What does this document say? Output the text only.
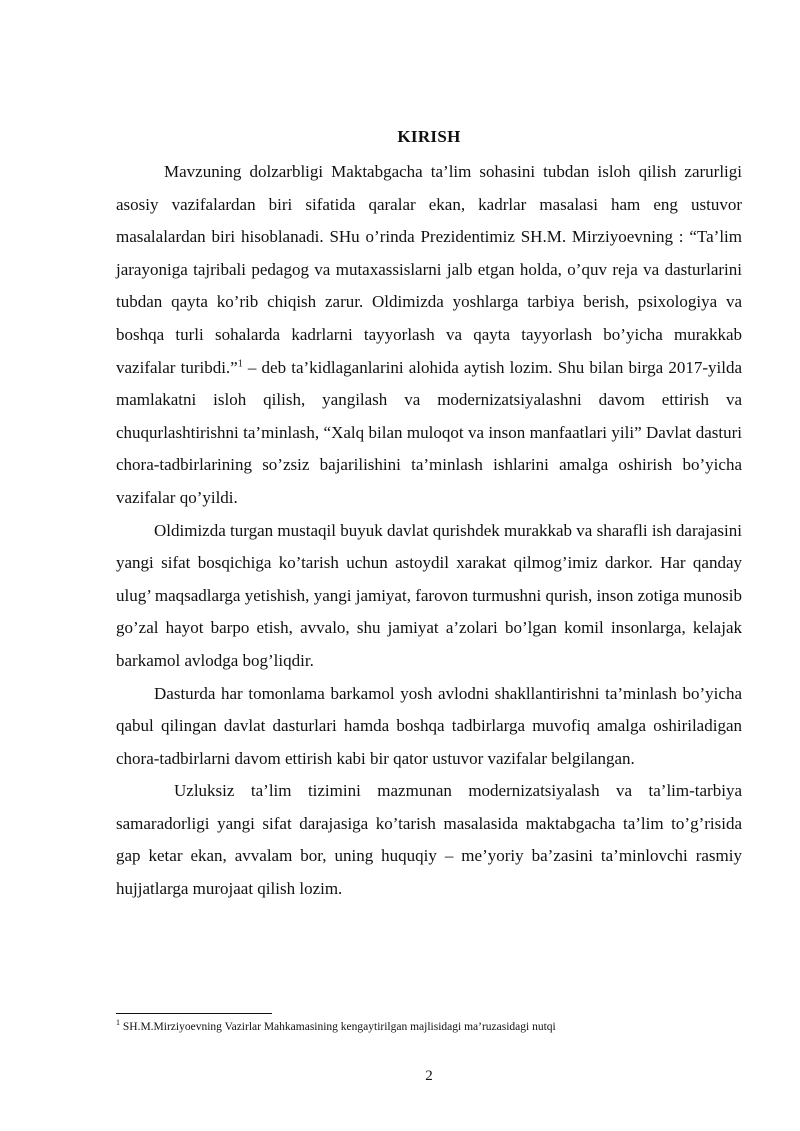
KIRISH

Mavzuning dolzarbligi Maktabgacha ta’lim sohasini tubdan isloh qilish zarurligi asosiy vazifalardan biri sifatida qaralar ekan, kadrlar masalasi ham eng ustuvor masalalardan biri hisoblanadi. SHu o’rinda Prezidentimiz SH.M. Mirziyoevning : “Ta’lim jarayoniga tajribali pedagog va mutaxassislarni jalb etgan holda, o’quv reja va dasturlarini tubdan qayta ko’rib chiqish zarur. Oldimizda yoshlarga tarbiya berish, psixologiya va boshqa turli sohalarda kadrlarni tayyorlash va qayta tayyorlash bo’yicha murakkab vazifalar turibdi.”$^1$ – deb ta’kidlaganlarini alohida aytish lozim. Shu bilan birga 2017-yilda mamlakatni isloh qilish, yangilash va modernizatsiyalashni davom ettirish va chuqurlashtirishni ta’minlash, “Xalq bilan muloqot va inson manfaatlari yili” Davlat dasturi chora-tadbirlarining so’zsiz bajarilishini ta’minlash ishlarini amalga oshirish bo’yicha vazifalar qo’yildi.

Oldimizda turgan mustaqil buyuk davlat qurishdek murakkab va sharafli ish darajasini yangi sifat bosqichiga ko’tarish uchun astoydil xarakat qilmog’imiz darkor. Har qanday ulug’ maqsadlarga yetishish, yangi jamiyat, farovon turmushni qurish, inson zotiga munosib go’zal hayot barpo etish, avvalo, shu jamiyat a’zolari bo’lgan komil insonlarga, kelajak barkamol avlodga bog’liqdir.

Dasturda har tomonlama barkamol yosh avlodni shakllantirishni ta’minlash bo’yicha qabul qilingan davlat dasturlari hamda boshqa tadbirlarga muvofiq amalga oshiriladigan chora-tadbirlarni davom ettirish kabi bir qator ustuvor vazifalar belgilangan.

Uzluksiz ta’lim tizimini mazmunan modernizatsiyalash va ta’lim-tarbiya samaradorligi yangi sifat darajasiga ko’tarish masalasida maktabgacha ta’lim to’g’risida gap ketar ekan, avvalam bor, uning huquqiy – me’yoriy ba’zasini ta’minlovchi rasmiy hujjatlarga murojaat qilish lozim.

$^1$ SH.M.Mirziyoevning Vazirlar Mahkamasining kengaytirilgan majlisidagi ma’ruzasidagi nutqi
2
